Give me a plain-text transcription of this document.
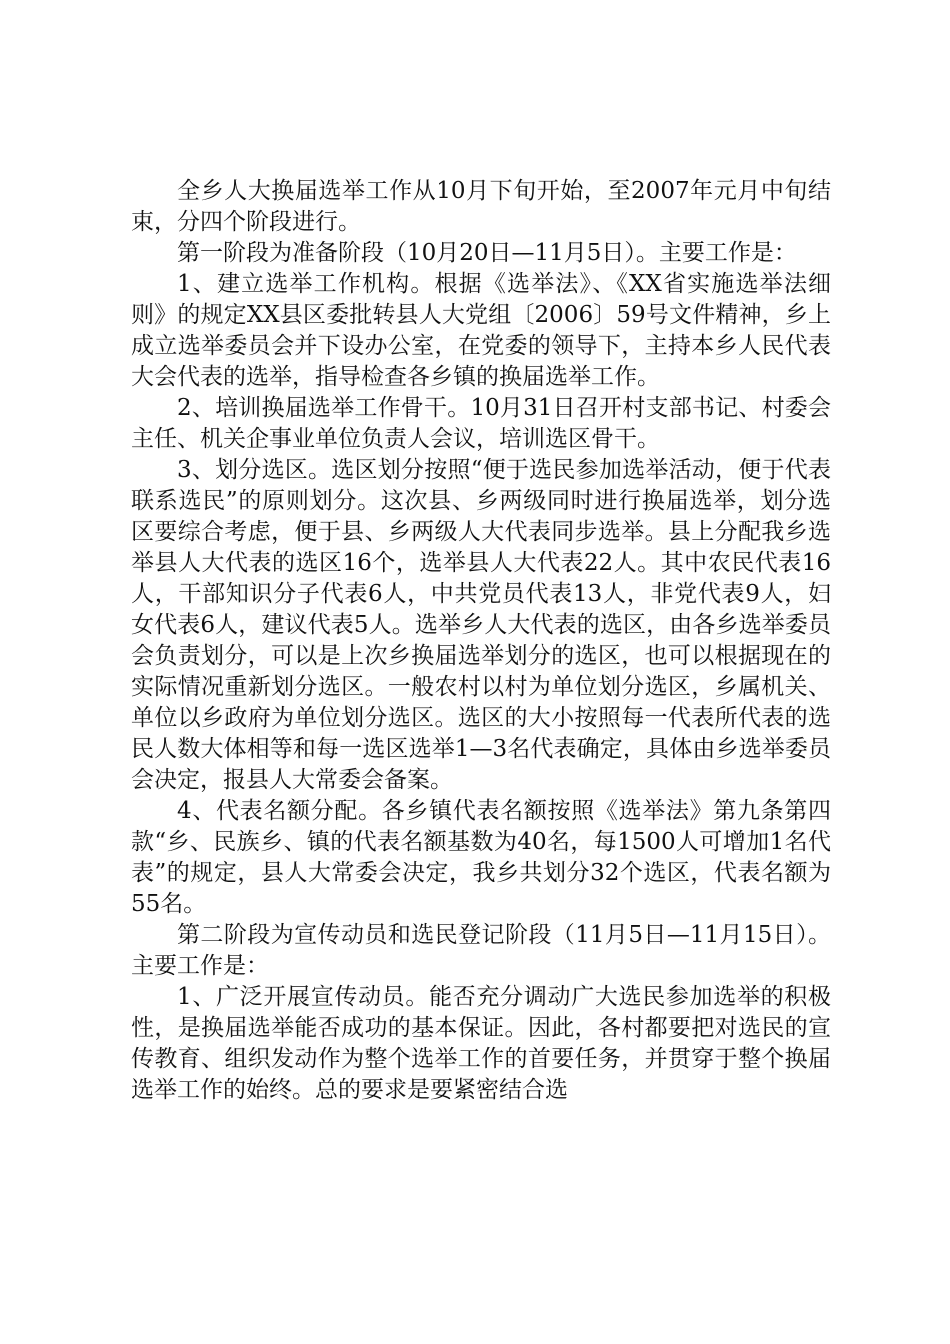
全乡人大换届选举工作从10月下旬开始，至2007年元月中旬结束，分四个阶段进行。

第一阶段为准备阶段（10月20日—11月5日）。主要工作是：

1、建立选举工作机构。根据《选举法》、《XX省实施选举法细则》的规定XX县区委批转县人大党组〔2006〕59号文件精神，乡上成立选举委员会并下设办公室，在党委的领导下，主持本乡人民代表大会代表的选举，指导检查各乡镇的换届选举工作。

2、培训换届选举工作骨干。10月31日召开村支部书记、村委会主任、机关企事业单位负责人会议，培训选区骨干。

3、划分选区。选区划分按照“便于选民参加选举活动，便于代表联系选民”的原则划分。这次县、乡两级同时进行换届选举，划分选区要综合考虑，便于县、乡两级人大代表同步选举。县上分配我乡选举县人大代表的选区16个，选举县人大代表22人。其中农民代表16人，干部知识分子代表6人，中共党员代表13人，非党代表9人，妇女代表6人，建议代表5人。选举乡人大代表的选区，由各乡选举委员会负责划分，可以是上次乡换届选举划分的选区，也可以根据现在的实际情况重新划分选区。一般农村以村为单位划分选区，乡属机关、单位以乡政府为单位划分选区。选区的大小按照每一代表所代表的选民人数大体相等和每一选区选举1—3名代表确定，具体由乡选举委员会决定，报县人大常委会备案。

4、代表名额分配。各乡镇代表名额按照《选举法》第九条第四款“乡、民族乡、镇的代表名额基数为40名，每1500人可增加1名代表”的规定，县人大常委会决定，我乡共划分32个选区，代表名额为55名。

第二阶段为宣传动员和选民登记阶段（11月5日—11月15日）。主要工作是：

1、广泛开展宣传动员。能否充分调动广大选民参加选举的积极性，是换届选举能否成功的基本保证。因此，各村都要把对选民的宣传教育、组织发动作为整个选举工作的首要任务，并贯穿于整个换届选举工作的始终。总的要求是要紧密结合选
